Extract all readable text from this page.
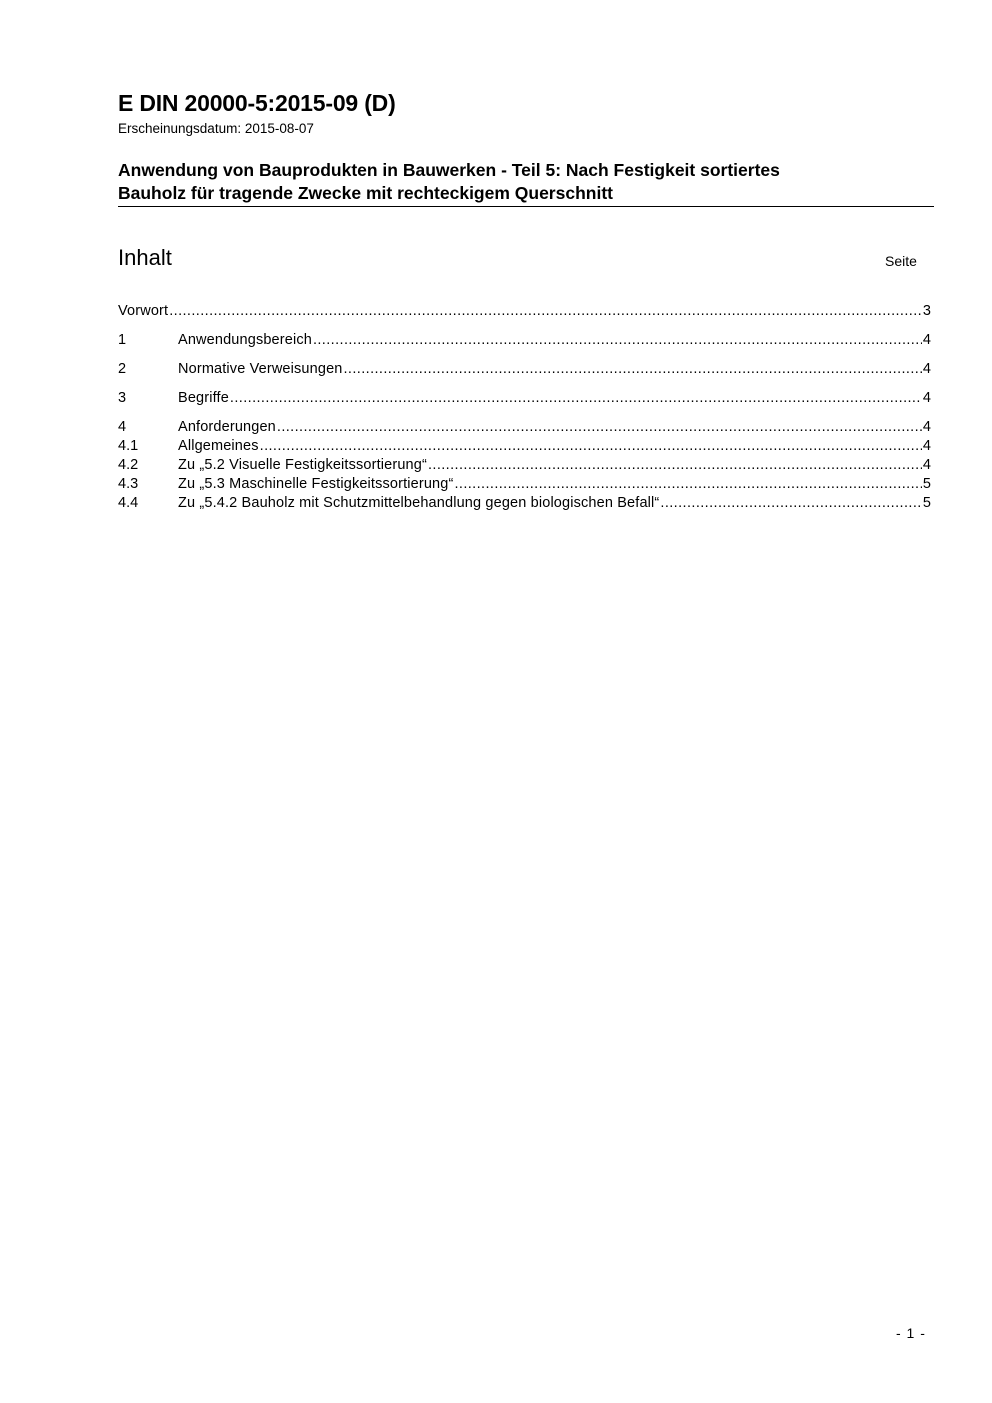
E DIN 20000-5:2015-09 (D)
Erscheinungsdatum: 2015-08-07
Anwendung von Bauprodukten in Bauwerken - Teil 5: Nach Festigkeit sortiertes
Bauholz für tragende Zwecke mit rechteckigem Querschnitt
Inhalt	Seite
Vorwort .....	3
1	Anwendungsbereich .....	4
2	Normative Verweisungen .....	4
3	Begriffe .....	4
4	Anforderungen .....	4
4.1	Allgemeines .....	4
4.2	Zu „5.2 Visuelle Festigkeitssortierung“ .....	4
4.3	Zu „5.3 Maschinelle Festigkeitssortierung“ .....	5
4.4	Zu „5.4.2 Bauholz mit Schutzmittelbehandlung gegen biologischen Befall“ .....	5
- 1 -
